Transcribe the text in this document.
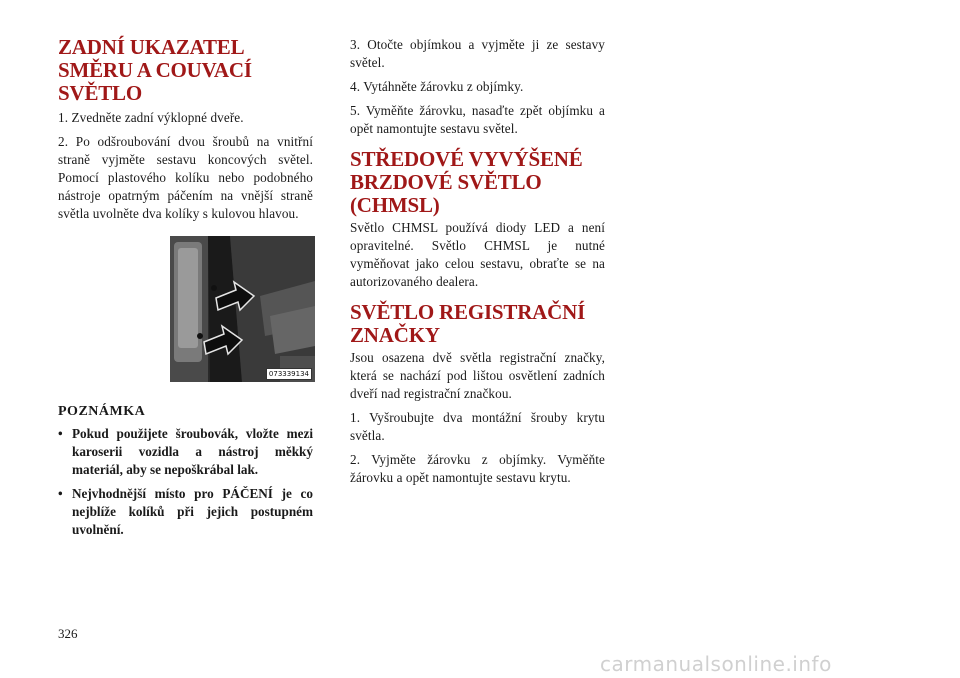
ZADNÍ UKAZATEL
SMĚRU A COUVACÍ
SVĚTLO

1. Zvedněte zadní výklopné dveře.

2. Po odšroubování dvou šroubů na vnitřní straně vyjměte sestavu koncových světel. Pomocí plastového kolíku nebo podobného nástroje opatrným páčením na vnější straně světla uvolněte dva kolíky s kulovou hlavou.

073339134
POZNÁMKA
• Pokud použijete šroubovák, vložte mezi karoserii vozidla a nástroj měkký materiál, aby se nepoškrábal lak.
• Nejvhodnější místo pro PÁČENÍ je co nejblíže kolíků při jejich postupném uvolnění.

3. Otočte objímkou a vyjměte ji ze sestavy světel.

4. Vytáhněte žárovku z objímky.

5. Vyměňte žárovku, nasaďte zpět objímku a opět namontujte sestavu světel.

STŘEDOVÉ VYVÝŠENÉ
BRZDOVÉ SVĚTLO
(CHMSL)

Světlo CHMSL používá diody LED a není opravitelné. Světlo CHMSL je nutné vyměňovat jako celou sestavu, obraťte se na autorizovaného dealera.

SVĚTLO REGISTRAČNÍ
ZNAČKY

Jsou osazena dvě světla registrační značky, která se nachází pod lištou osvětlení zadních dveří nad registrační značkou.

1. Vyšroubujte dva montážní šrouby krytu světla.

2. Vyjměte žárovku z objímky. Vyměňte žárovku a opět namontujte sestavu krytu.

326
carmanualsonline.info
